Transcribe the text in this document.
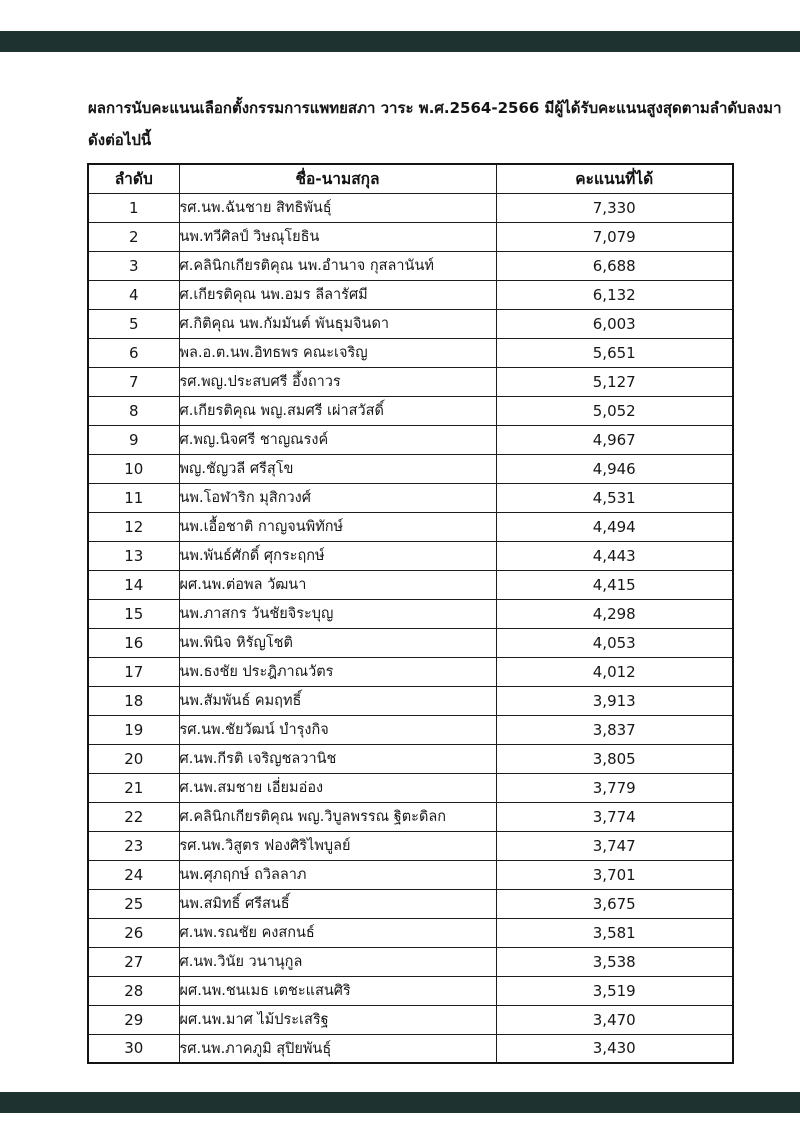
ผลการนับคะแนนเลือกตั้งกรรมการแพทยสภา วาระ พ.ศ.2564-2566 มีผู้ได้รับคะแนนสูงสุดตามลำดับลงมา
ดังต่อไปนี้
ลำดับ	ชื่อ-นามสกุล	คะแนนที่ได้
1	รศ.นพ.ฉันชาย สิทธิพันธุ์	7,330
2	นพ.ทวีศิลป์ วิษณุโยธิน	7,079
3	ศ.คลินิกเกียรติคุณ นพ.อำนาจ กุสลานันท์	6,688
4	ศ.เกียรติคุณ นพ.อมร ลีลารัศมี	6,132
5	ศ.กิติคุณ นพ.กัมมันต์ พันธุมจินดา	6,003
6	พล.อ.ต.นพ.อิทธพร คณะเจริญ	5,651
7	รศ.พญ.ประสบศรี อึ้งถาวร	5,127
8	ศ.เกียรติคุณ พญ.สมศรี เผ่าสวัสดิ์	5,052
9	ศ.พญ.นิจศรี ชาญณรงค์	4,967
10	พญ.ชัญวลี ศรีสุโข	4,946
11	นพ.โอฬาริก มุสิกวงศ์	4,531
12	นพ.เอื้อชาติ กาญจนพิทักษ์	4,494
13	นพ.พันธ์ศักดิ์ ศุกระฤกษ์	4,443
14	ผศ.นพ.ต่อพล วัฒนา	4,415
15	นพ.ภาสกร วันชัยจิระบุญ	4,298
16	นพ.พินิจ หิรัญโชติ	4,053
17	นพ.ธงชัย ประฎิภาณวัตร	4,012
18	นพ.สัมพันธ์ คมฤทธิ์	3,913
19	รศ.นพ.ชัยวัฒน์ บำรุงกิจ	3,837
20	ศ.นพ.กีรติ เจริญชลวานิช	3,805
21	ศ.นพ.สมชาย เอี่ยมอ่อง	3,779
22	ศ.คลินิกเกียรติคุณ พญ.วิบูลพรรณ ฐิตะดิลก	3,774
23	รศ.นพ.วิสูตร ฟองศิริไพบูลย์	3,747
24	นพ.ศุภฤกษ์ ถวิลลาภ	3,701
25	นพ.สมิทธิ์ ศรีสนธิ์	3,675
26	ศ.นพ.รณชัย คงสกนธ์	3,581
27	ศ.นพ.วินัย วนานุกูล	3,538
28	ผศ.นพ.ชนเมธ เตชะแสนศิริ	3,519
29	ผศ.นพ.มาศ ไม้ประเสริฐ	3,470
30	รศ.นพ.ภาคภูมิ สุปิยพันธุ์	3,430
